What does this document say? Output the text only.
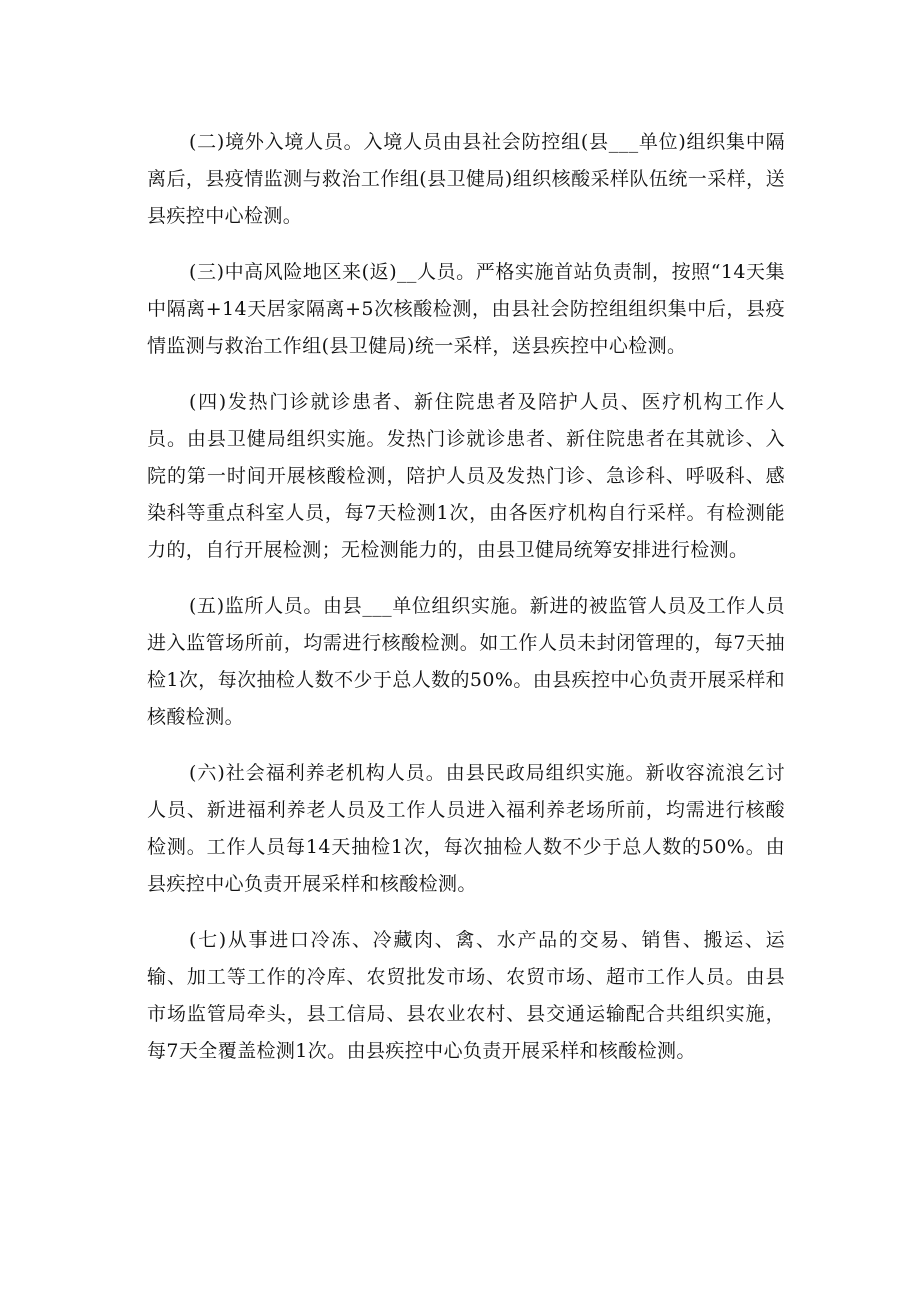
(二)境外入境人员。入境人员由县社会防控组(县___单位)组织集中隔离后，县疫情监测与救治工作组(县卫健局)组织核酸采样队伍统一采样，送县疾控中心检测。

(三)中高风险地区来(返)__人员。严格实施首站负责制，按照“14天集中隔离+14天居家隔离+5次核酸检测，由县社会防控组组织集中后，县疫情监测与救治工作组(县卫健局)统一采样，送县疾控中心检测。

(四)发热门诊就诊患者、新住院患者及陪护人员、医疗机构工作人员。由县卫健局组织实施。发热门诊就诊患者、新住院患者在其就诊、入院的第一时间开展核酸检测，陪护人员及发热门诊、急诊科、呼吸科、感染科等重点科室人员，每7天检测1次，由各医疗机构自行采样。有检测能力的，自行开展检测；无检测能力的，由县卫健局统筹安排进行检测。

(五)监所人员。由县___单位组织实施。新进的被监管人员及工作人员进入监管场所前，均需进行核酸检测。如工作人员未封闭管理的，每7天抽检1次，每次抽检人数不少于总人数的50%。由县疾控中心负责开展采样和核酸检测。

(六)社会福利养老机构人员。由县民政局组织实施。新收容流浪乞讨人员、新进福利养老人员及工作人员进入福利养老场所前，均需进行核酸检测。工作人员每14天抽检1次，每次抽检人数不少于总人数的50%。由县疾控中心负责开展采样和核酸检测。

(七)从事进口冷冻、冷藏肉、禽、水产品的交易、销售、搬运、运输、加工等工作的冷库、农贸批发市场、农贸市场、超市工作人员。由县市场监管局牵头，县工信局、县农业农村、县交通运输配合共组织实施，每7天全覆盖检测1次。由县疾控中心负责开展采样和核酸检测。
